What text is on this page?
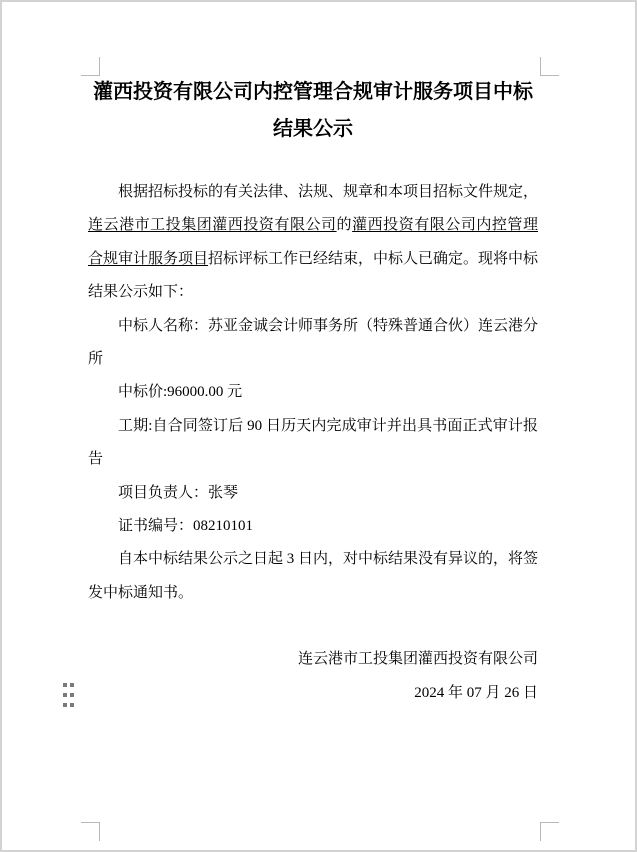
灌西投资有限公司内控管理合规审计服务项目中标
结果公示
根据招标投标的有关法律、法规、规章和本项目招标文件规定，
连云港市工投集团灌西投资有限公司的灌西投资有限公司内控管理
合规审计服务项目招标评标工作已经结束，中标人已确定。现将中标
结果公示如下：
中标人名称：苏亚金诚会计师事务所（特殊普通合伙）连云港分
所
中标价:96000.00 元
工期:自合同签订后 90 日历天内完成审计并出具书面正式审计报
告
项目负责人：张琴
证书编号：08210101
自本中标结果公示之日起 3 日内，对中标结果没有异议的，将签
发中标通知书。
连云港市工投集团灌西投资有限公司
2024 年 07 月 26 日
